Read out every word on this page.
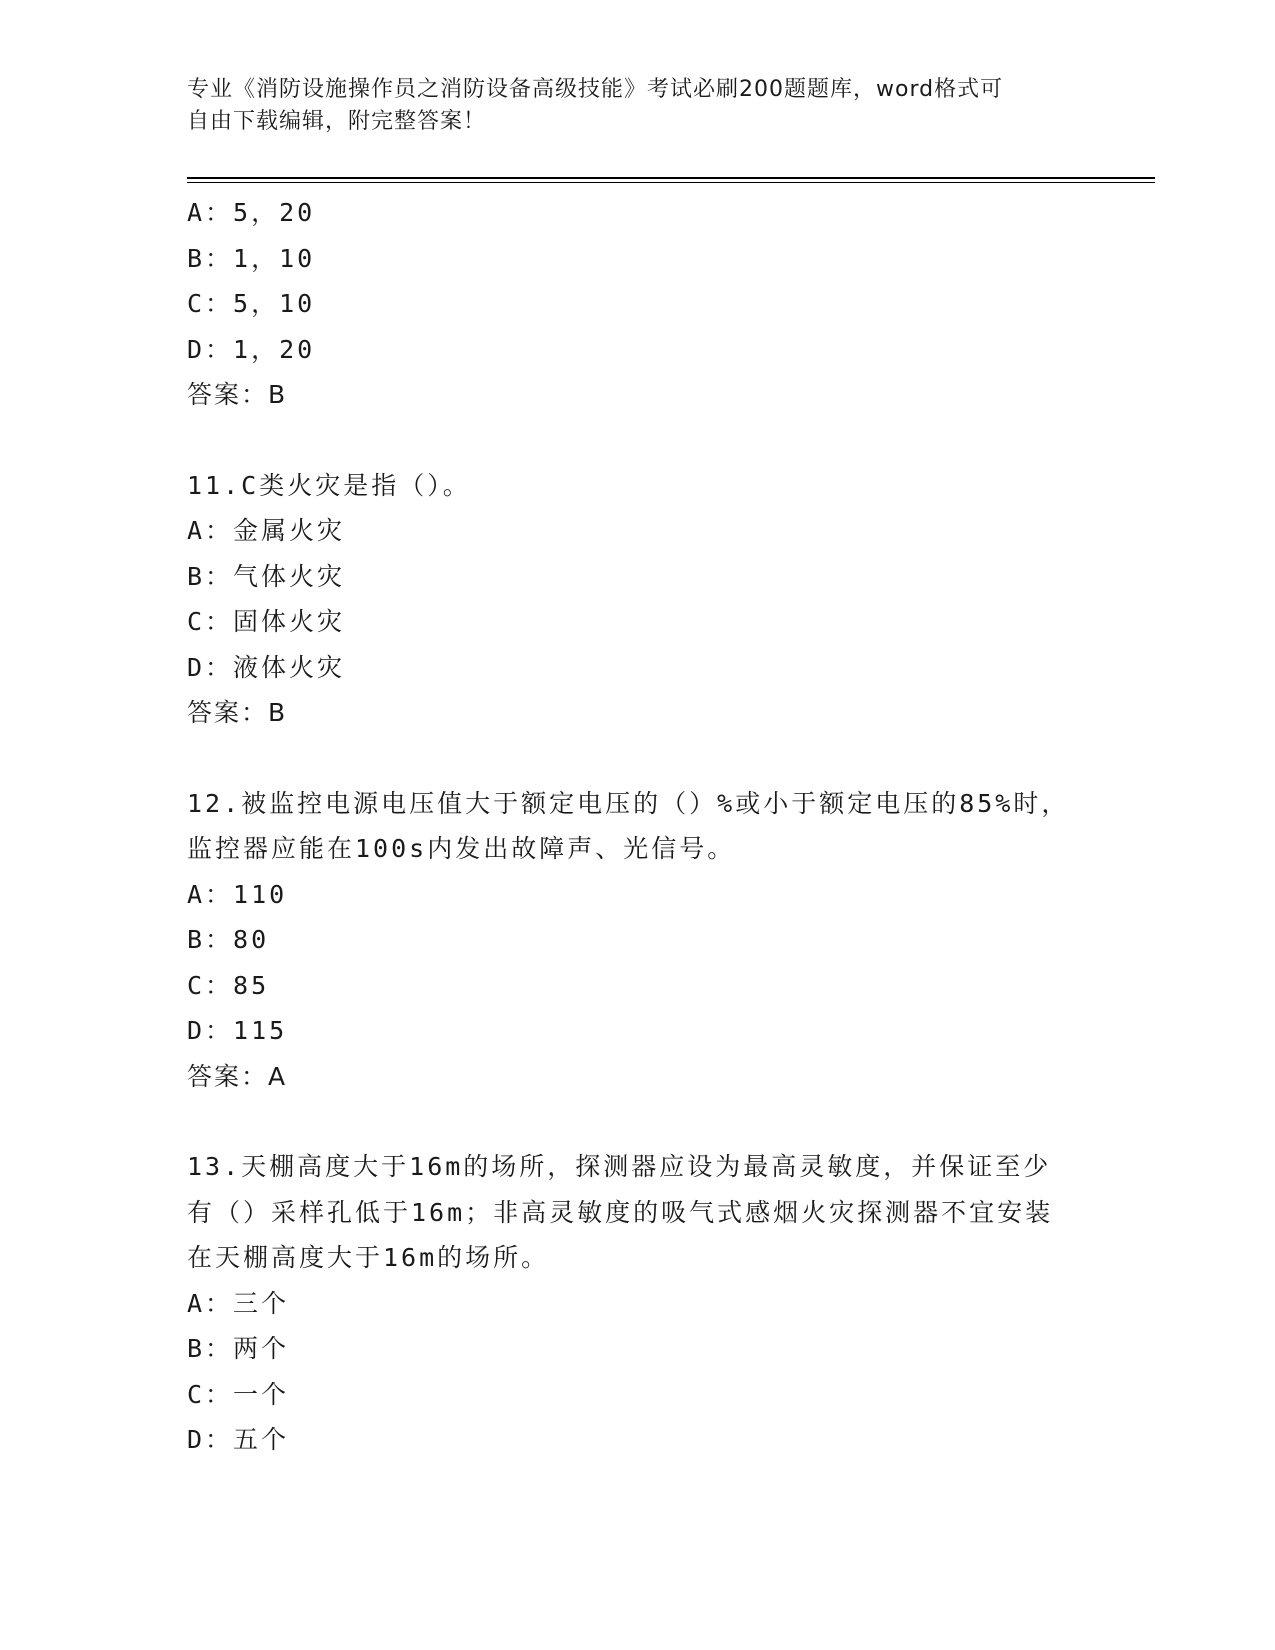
专业《消防设施操作员之消防设备高级技能》考试必刷200题题库，word格式可
自由下载编辑，附完整答案！
A：5，20
B：1，10
C：5，10
D：1，20
答案：B
11.C类火灾是指（）。
A：金属火灾
B：气体火灾
C：固体火灾
D：液体火灾
答案：B
12.被监控电源电压值大于额定电压的（）%或小于额定电压的85%时，
监控器应能在100s内发出故障声、光信号。
A：110
B：80
C：85
D：115
答案：A
13.天棚高度大于16m的场所，探测器应设为最高灵敏度，并保证至少
有（）采样孔低于16m；非高灵敏度的吸气式感烟火灾探测器不宜安装
在天棚高度大于16m的场所。
A：三个
B：两个
C：一个
D：五个
